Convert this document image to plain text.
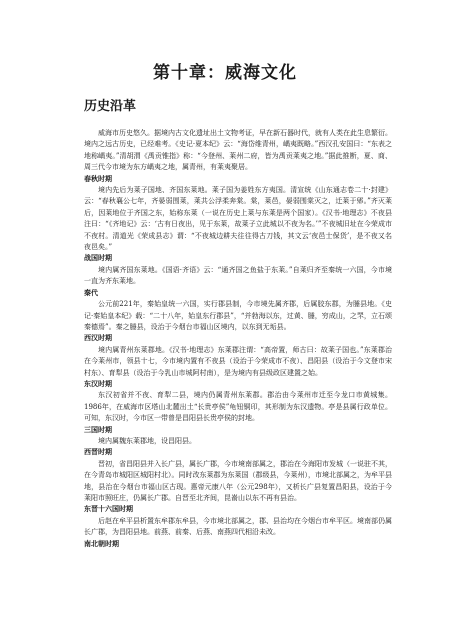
第十章：威海文化
历史沿革

威海市历史悠久。据境内古文化遗址出土文物考证，早在新石器时代，就有人类在此生息繁衍。境内之远古历史，已经难考。《史记·夏本纪》云：“海岱维青州，嵎夷既略。”西汉孔安国曰：“东表之地称嵎夷。”清胡渭《禹贡锥指》称：“今登州、莱州二府，皆为禹贡莱夷之地。”据此推断，夏、商、周三代今市境为东方嵎夷之地，属青州，有莱夷聚居。

春秋时期

境内先后为莱子国地、齐国东莱地。莱子国为姜姓东方夷国。清宣统《山东通志卷二十·封建》云：“春秋襄公七年，齐晏弱围莱，莱共公浮柔奔棠。棠，莱邑，晏弱围棠灭之，迁莱于郳。”齐灭莱后，因莱地位于齐国之东，始称东莱（一说在历史上莱与东莱是两个国家）。《汉书·地理志》不夜县注曰：“《齐地记》云：‘古有日夜出，见于东莱，故莱子立此城以不夜为名。’”不夜城旧址在今荣成市不夜村。清道光《荣成县志》谓：“不夜城边耕夫往往得古刀钱，其文云‘夜邑士保货’，是不夜又名夜邑矣。”

战国时期

境内属齐国东莱地。《国语·齐语》云：“通齐国之鱼盐于东莱。”自莱归齐至秦统一六国，今市境一直为齐东莱地。

秦代

公元前221年，秦始皇统一六国，实行郡县制，今市境先属齐郡，后属胶东郡，为腄县地。《史记·秦始皇本纪》载：“二十八年，始皇东行郡县”，“并勃海以东，过黄、腄，穷成山，之罘，立石颂秦德焉”。秦之腄县，设治于今烟台市福山区境内，以东到无垢县。

西汉时期

境内属青州东莱郡地。《汉书·地理志》东莱郡注谓：“高帝置，师古曰：故莱子国也。”东莱郡治在今莱州市，领县十七，今市境内置有不夜县（设治于今荣成市不夜）、昌阳县（设治于今文登市宋村东）、育犁县（设治于今乳山市城阿村南），是为境内有县级政区建置之始。

东汉时期

东汉初省并不夜、育犁二县，境内仍属青州东莱郡。郡治由今莱州市迁至今龙口市黄城集。1986年，在威海市区塔山北麓出土“长贵亭侯”龟钮铜印，其形制为东汉遗物。亭是县属行政单位。可知，东汉时，今市区一带曾是昌阳县长贵亭侯的封地。

三国时期

境内属魏东莱郡地，设昌阳县。

西晋时期

晋初，省昌阳县并入长广县，属长广郡，今市境南部属之，郡治在今海阳市发城（一说驻不其，在今青岛市城阳区城阳村北）。同时改东莱郡为东莱国（郡级县，今莱州），市境北部属之，为牟平县地，县治在今烟台市福山区古现。惠帝元康八年（公元298年），又析长广县复置昌阳县，设治于今莱阳市照旺庄，仍属长广郡。自晋至北齐间，昆嵛山以东不再有县治。

东晋十六国时期

后赵在牟平县析置东牟郡东牟县，今市境北部属之，郡、县治均在今烟台市牟平区。境南部仍属长广郡，为昌阳县地。前燕、前秦、后燕、南燕四代相沿未改。

南北朝时期
